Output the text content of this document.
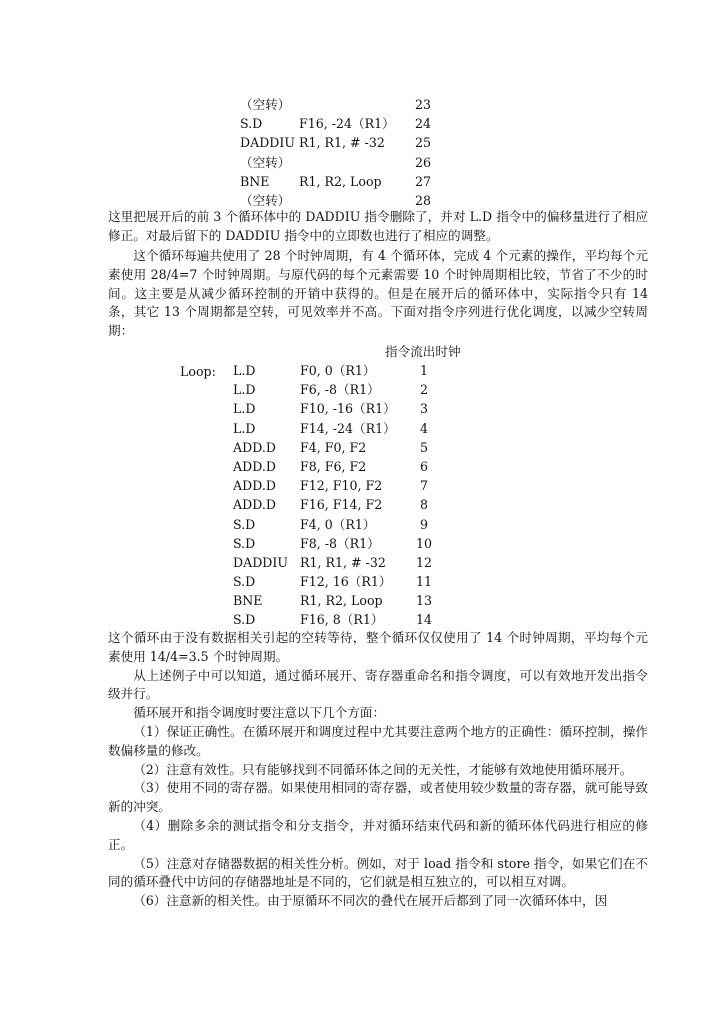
（空转）	23
S.D	F16, -24（R1）	24
DADDIU R1, R1, # -32	25
（空转）	26
BNE R1, R2, Loop	27
（空转）	28

这里把展开后的前 3 个循环体中的 DADDIU 指令删除了，并对 L.D 指令中的偏移量进行了相应修正。对最后留下的 DADDIU 指令中的立即数也进行了相应的调整。

这个循环每遍共使用了 28 个时钟周期，有 4 个循环体，完成 4 个元素的操作，平均每个元素使用 28/4=7 个时钟周期。与原代码的每个元素需要 10 个时钟周期相比较，节省了不少的时间。这主要是从减少循环控制的开销中获得的。但是在展开后的循环体中，实际指令只有 14 条，其它 13 个周期都是空转，可见效率并不高。下面对指令序列进行优化调度，以减少空转周期：

指令流出时钟
Loop: L.D	F0, 0（R1）	1
L.D	F6, -8（R1）	2
L.D	F10, -16（R1）	3
L.D	F14, -24（R1）	4
ADD.D F4, F0, F2	5
ADD.D F8, F6, F2	6
ADD.D F12, F10, F2	7
ADD.D F16, F14, F2	8
S.D	F4, 0（R1）	9
S.D	F8, -8（R1）	10
DADDIU R1, R1, # -32	12
S.D	F12, 16（R1）	11
BNE	R1, R2, Loop	13
S.D	F16, 8（R1）	14

这个循环由于没有数据相关引起的空转等待，整个循环仅仅使用了 14 个时钟周期，平均每个元素使用 14/4=3.5 个时钟周期。

从上述例子中可以知道，通过循环展开、寄存器重命名和指令调度，可以有效地开发出指令级并行。

循环展开和指令调度时要注意以下几个方面：

（1）保证正确性。在循环展开和调度过程中尤其要注意两个地方的正确性：循环控制，操作数偏移量的修改。

（2）注意有效性。只有能够找到不同循环体之间的无关性，才能够有效地使用循环展开。

（3）使用不同的寄存器。如果使用相同的寄存器，或者使用较少数量的寄存器，就可能导致新的冲突。

（4）删除多余的测试指令和分支指令，并对循环结束代码和新的循环体代码进行相应的修正。

（5）注意对存储器数据的相关性分析。例如，对于 load 指令和 store 指令，如果它们在不同的循环叠代中访问的存储器地址是不同的，它们就是相互独立的，可以相互对调。

（6）注意新的相关性。由于原循环不同次的叠代在展开后都到了同一次循环体中，因
